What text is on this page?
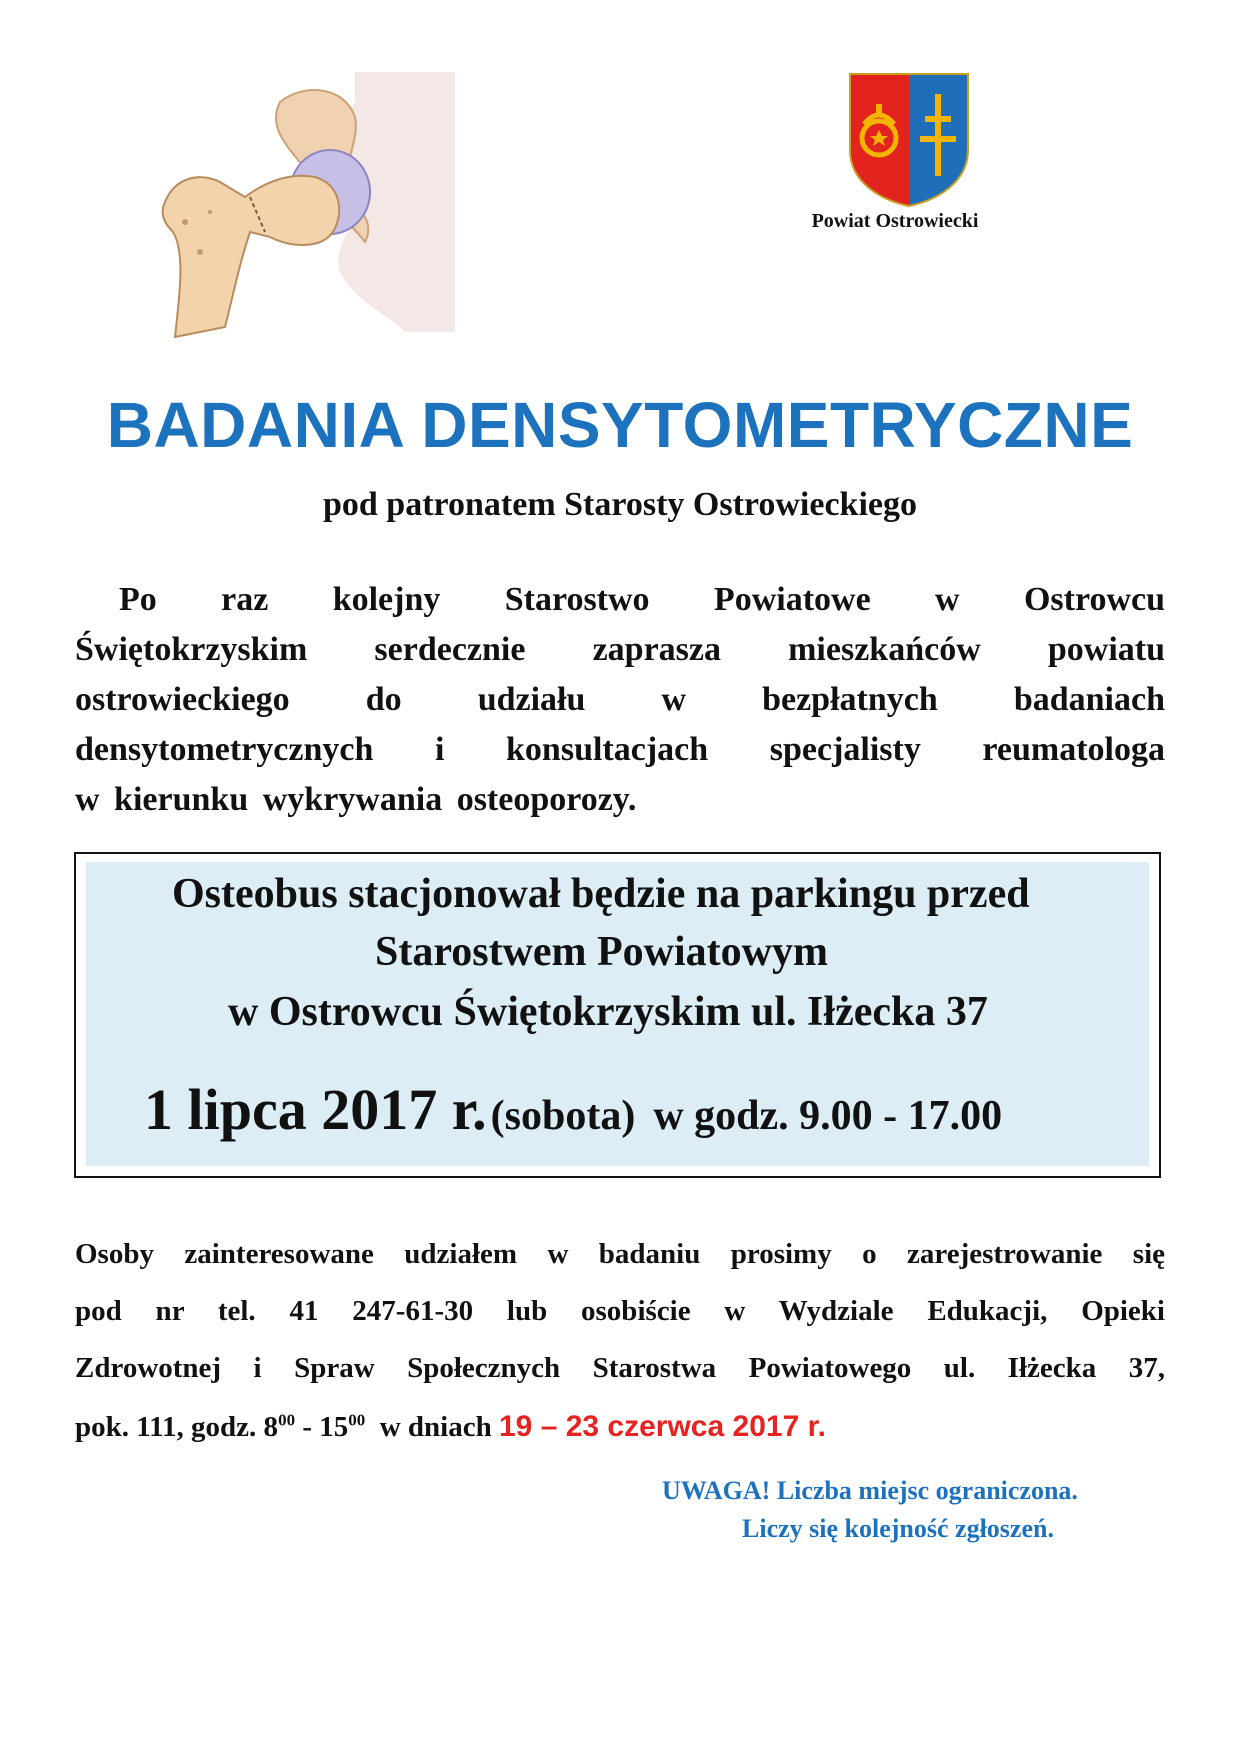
Powiat Ostrowiecki
BADANIA DENSYTOMETRYCZNE
pod patronatem Starosty Ostrowieckiego
Po raz kolejny Starostwo Powiatowe w Ostrowcu
Świętokrzyskim serdecznie zaprasza mieszkańców powiatu
ostrowieckiego do udziału w bezpłatnych badaniach
densytometrycznych i konsultacjach specjalisty reumatologa
w kierunku wykrywania osteoporozy.
Osteobus stacjonował będzie na parkingu przed
Starostwem Powiatowym
w Ostrowcu Świętokrzyskim ul. Iłżecka 37
1 lipca 2017 r. (sobota) w godz. 9.00 - 17.00
Osoby zainteresowane udziałem w badaniu prosimy o zarejestrowanie się
pod nr tel. 41 247-61-30 lub osobiście w Wydziale Edukacji, Opieki
Zdrowotnej i Spraw Społecznych Starostwa Powiatowego ul. Iłżecka 37,
pok. 111, godz. $8^{00} - 15^{00}$  w dniach 19 – 23 czerwca 2017 r.
UWAGA! Liczba miejsc ograniczona.
Liczy się kolejność zgłoszeń.
